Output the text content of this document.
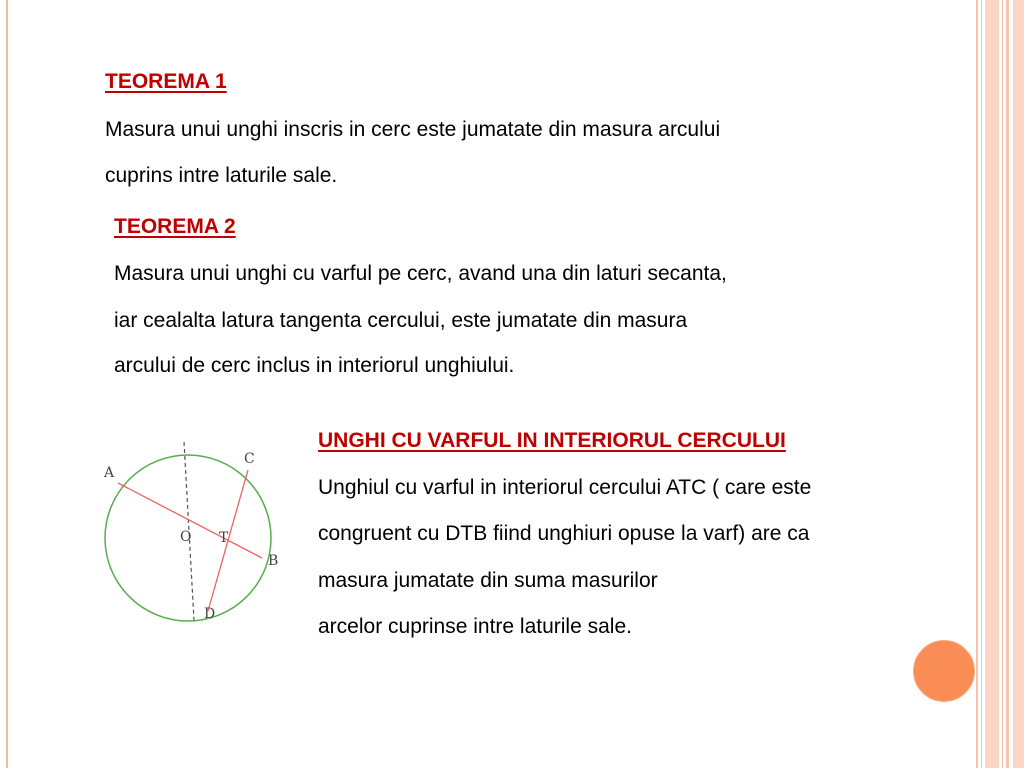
TEOREMA 1
Masura unui unghi inscris in cerc este jumatate din masura arcului
cuprins intre laturile sale.
TEOREMA 2
Masura unui unghi cu varful pe cerc, avand una din laturi secanta,
iar cealalta latura tangenta cercului, este jumatate din masura
arcului de cerc inclus in interiorul unghiului.
UNGHI CU VARFUL IN INTERIORUL CERCULUI
Unghiul cu varful in interiorul cercului ATC ( care este
congruent cu DTB fiind unghiuri opuse la varf) are ca
masura jumatate din suma masurilor
arcelor cuprinse intre laturile sale.
A
B
C
D
O T
